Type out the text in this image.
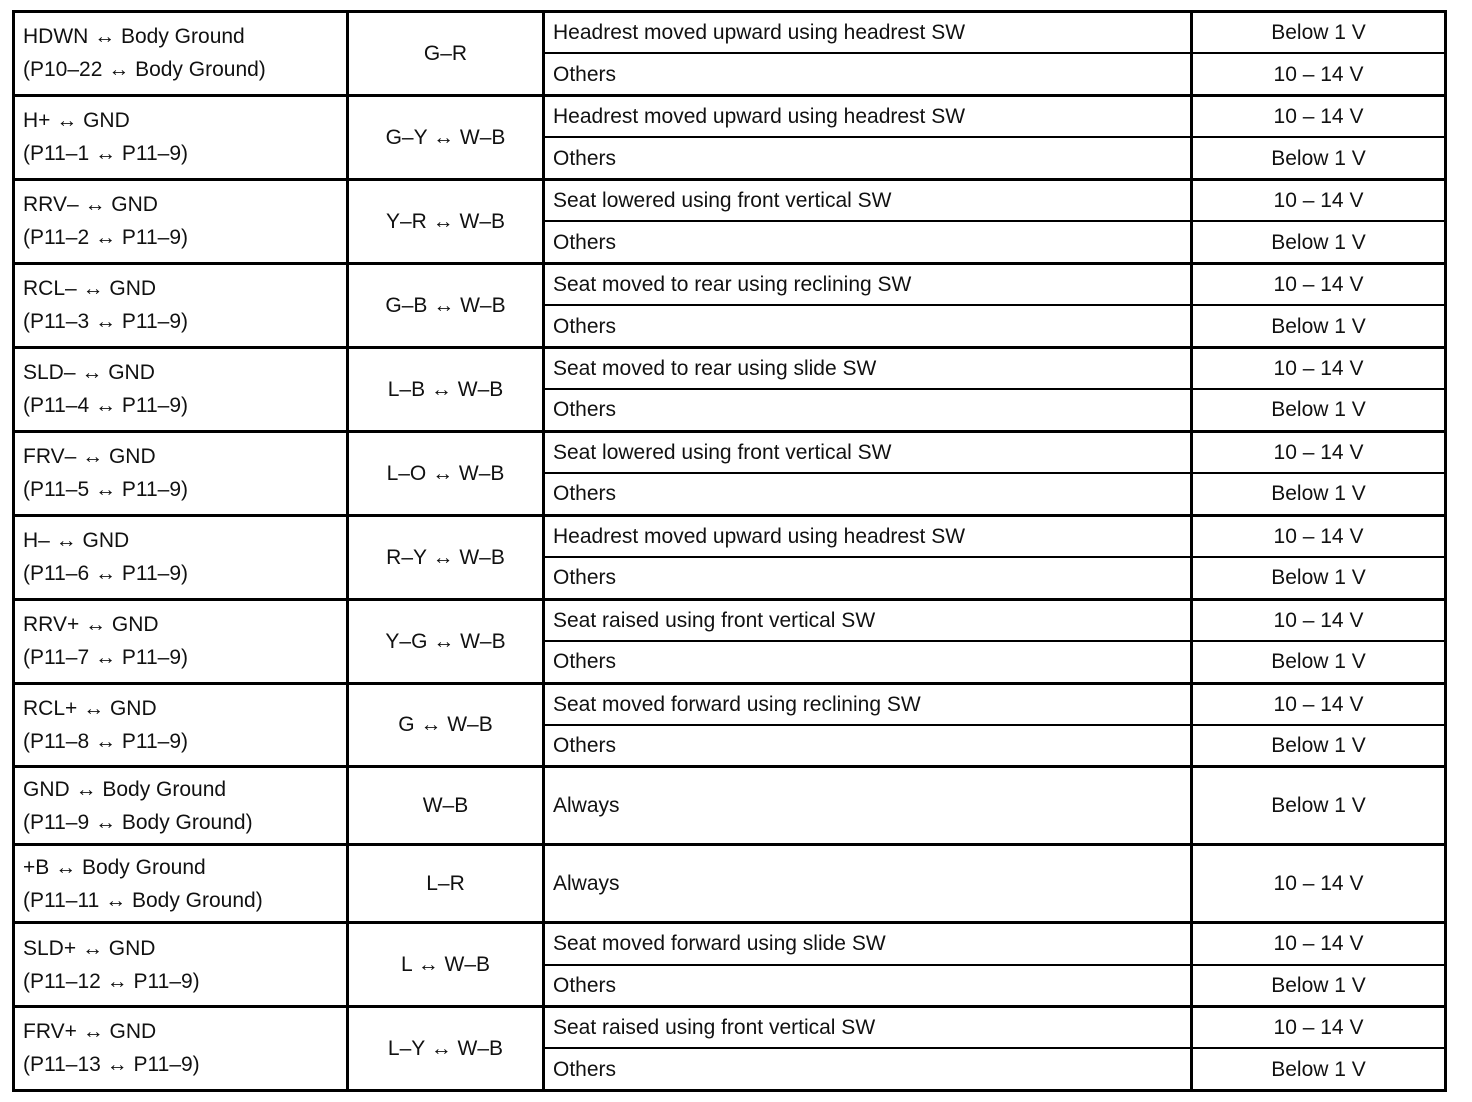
HDWN ↔ Body Ground
(P10–22 ↔ Body Ground)	G–R	Headrest moved upward using headrest SW	Below 1 V
		Others	10 – 14 V

H+ ↔ GND
(P11–1 ↔ P11–9)	G–Y ↔ W–B	Headrest moved upward using headrest SW	10 – 14 V
		Others	Below 1 V

RRV– ↔ GND
(P11–2 ↔ P11–9)	Y–R ↔ W–B	Seat lowered using front vertical SW	10 – 14 V
		Others	Below 1 V

RCL– ↔ GND
(P11–3 ↔ P11–9)	G–B ↔ W–B	Seat moved to rear using reclining SW	10 – 14 V
		Others	Below 1 V

SLD– ↔ GND
(P11–4 ↔ P11–9)	L–B ↔ W–B	Seat moved to rear using slide SW	10 – 14 V
		Others	Below 1 V

FRV– ↔ GND
(P11–5 ↔ P11–9)	L–O ↔ W–B	Seat lowered using front vertical SW	10 – 14 V
		Others	Below 1 V

H– ↔ GND
(P11–6 ↔ P11–9)	R–Y ↔ W–B	Headrest moved upward using headrest SW	10 – 14 V
		Others	Below 1 V

RRV+ ↔ GND
(P11–7 ↔ P11–9)	Y–G ↔ W–B	Seat raised using front vertical SW	10 – 14 V
		Others	Below 1 V

RCL+ ↔ GND
(P11–8 ↔ P11–9)	G ↔ W–B	Seat moved forward using reclining SW	10 – 14 V
		Others	Below 1 V

GND ↔ Body Ground
(P11–9 ↔ Body Ground)	W–B	Always	Below 1 V

+B ↔ Body Ground
(P11–11 ↔ Body Ground)	L–R	Always	10 – 14 V

SLD+ ↔ GND
(P11–12 ↔ P11–9)	L ↔ W–B	Seat moved forward using slide SW	10 – 14 V
		Others	Below 1 V

FRV+ ↔ GND
(P11–13 ↔ P11–9)	L–Y ↔ W–B	Seat raised using front vertical SW	10 – 14 V
		Others	Below 1 V
